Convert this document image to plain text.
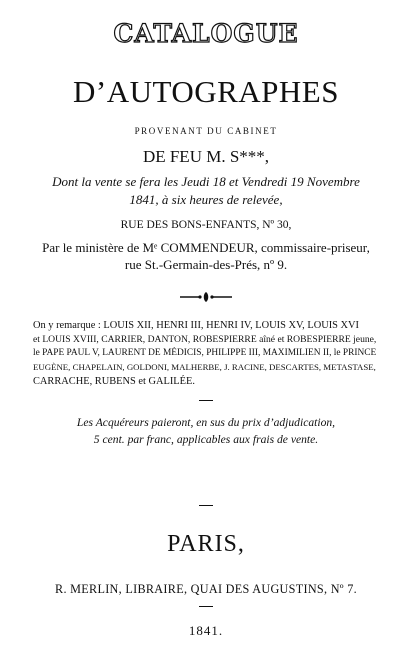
CATALOGUE
D’AUTOGRAPHES
PROVENANT DU CABINET
DE FEU M. S***,
Dont la vente se fera les Jeudi 18 et Vendredi 19 Novembre
1841, à six heures de relevée,
RUE DES BONS-ENFANTS, Nº 30,
Par le ministère de Mᵉ COMMENDEUR, commissaire-priseur,
rue St.-Germain-des-Prés, nº 9.
On y remarque : LOUIS XII, HENRI III, HENRI IV, LOUIS XV, LOUIS XVI
et LOUIS XVIII, CARRIER, DANTON, ROBESPIERRE aîné et ROBESPIERRE jeune,
le PAPE PAUL V, LAURENT DE MÉDICIS, PHILIPPE III, MAXIMILIEN II, le PRINCE
EUGÈNE, CHAPELAIN, GOLDONI, MALHERBE, J. RACINE, DESCARTES, METASTASE,
CARRACHE, RUBENS et GALILÉE.
Les Acquéreurs paieront, en sus du prix d’adjudication,
5 cent. par franc, applicables aux frais de vente.
PARIS,
R. MERLIN, LIBRAIRE, QUAI DES AUGUSTINS, Nº 7.
1841.
